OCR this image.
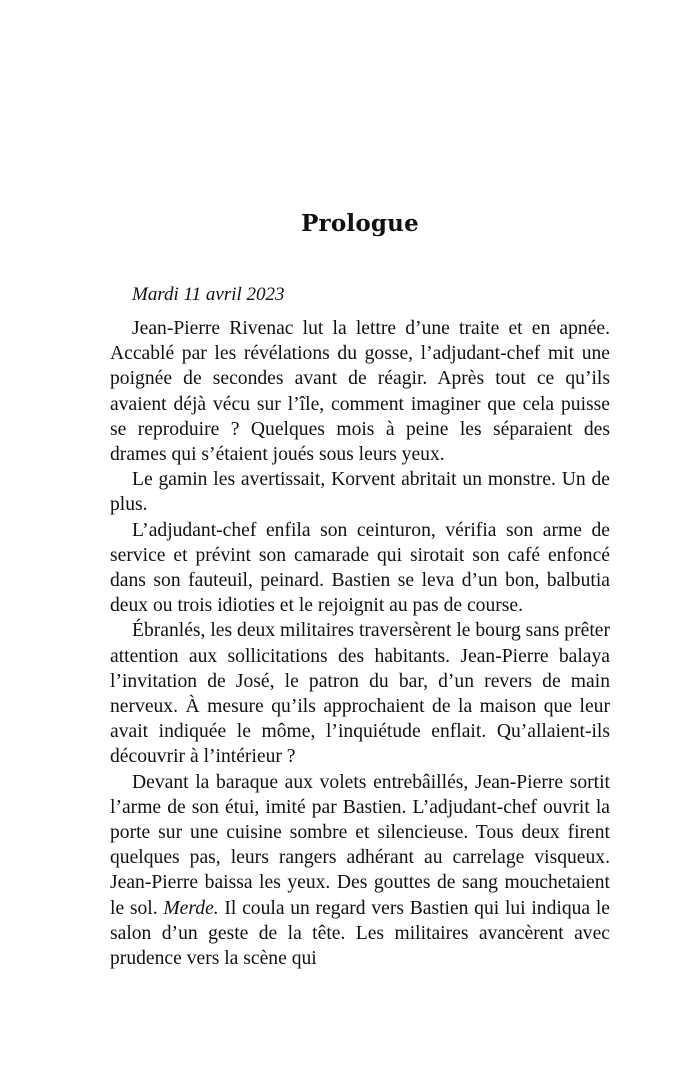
Prologue

Mardi 11 avril 2023

Jean-Pierre Rivenac lut la lettre d’une traite et en apnée. Accablé par les révélations du gosse, l’adjudant-chef mit une poignée de secondes avant de réagir. Après tout ce qu’ils avaient déjà vécu sur l’île, comment imaginer que cela puisse se reproduire ? Quelques mois à peine les séparaient des drames qui s’étaient joués sous leurs yeux.

Le gamin les avertissait, Korvent abritait un monstre. Un de plus.

L’adjudant-chef enfila son ceinturon, vérifia son arme de service et prévint son camarade qui sirotait son café enfoncé dans son fauteuil, peinard. Bastien se leva d’un bon, balbutia deux ou trois idioties et le rejoignit au pas de course.

Ébranlés, les deux militaires traversèrent le bourg sans prêter attention aux sollicitations des habitants. Jean-Pierre balaya l’invitation de José, le patron du bar, d’un revers de main nerveux. À mesure qu’ils approchaient de la maison que leur avait indiquée le môme, l’inquiétude enflait. Qu’allaient-ils découvrir à l’intérieur ?

Devant la baraque aux volets entrebâillés, Jean-Pierre sortit l’arme de son étui, imité par Bastien. L’adjudant-chef ouvrit la porte sur une cuisine sombre et silencieuse. Tous deux firent quelques pas, leurs rangers adhérant au carrelage visqueux. Jean-Pierre baissa les yeux. Des gouttes de sang mouchetaient le sol. Merde. Il coula un regard vers Bastien qui lui indiqua le salon d’un geste de la tête. Les militaires avancèrent avec prudence vers la scène qui
